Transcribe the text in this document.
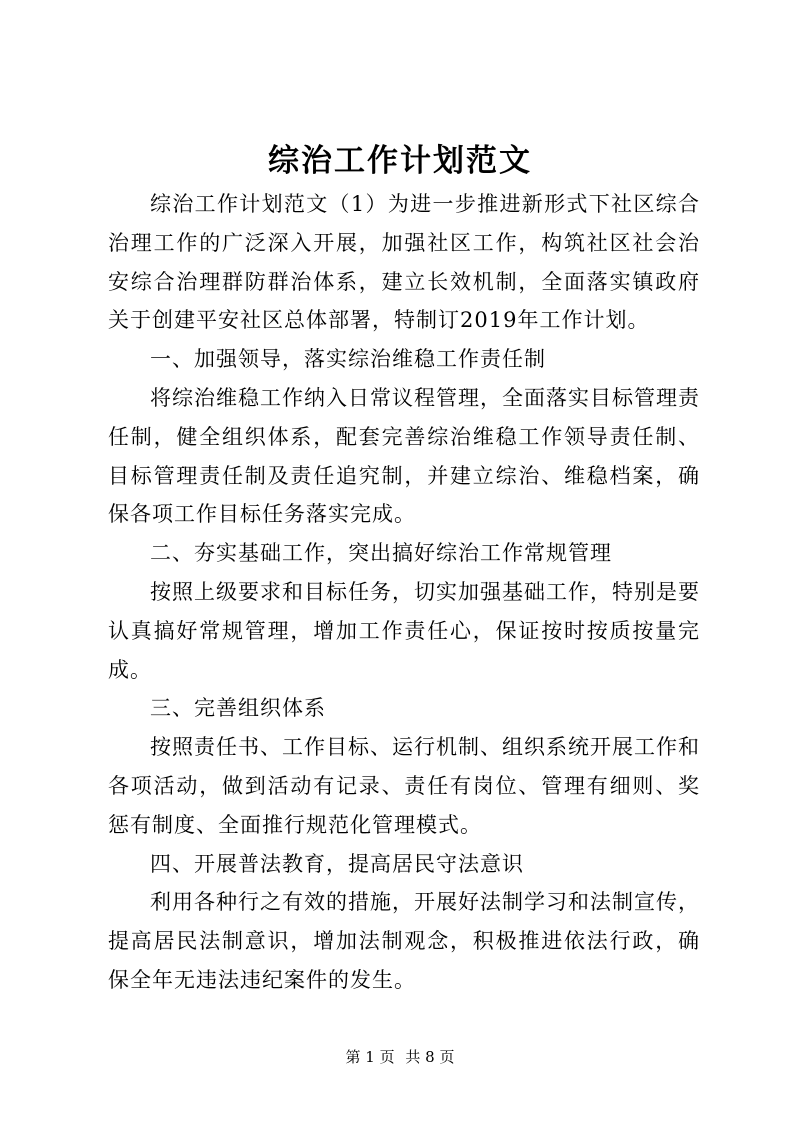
综治工作计划范文

综治工作计划范文（1）为进一步推进新形式下社区综合治理工作的广泛深入开展，加强社区工作，构筑社区社会治安综合治理群防群治体系，建立长效机制，全面落实镇政府关于创建平安社区总体部署，特制订2019年工作计划。

一、加强领导，落实综治维稳工作责任制

将综治维稳工作纳入日常议程管理，全面落实目标管理责任制，健全组织体系，配套完善综治维稳工作领导责任制、目标管理责任制及责任追究制，并建立综治、维稳档案，确保各项工作目标任务落实完成。

二、夯实基础工作，突出搞好综治工作常规管理

按照上级要求和目标任务，切实加强基础工作，特别是要认真搞好常规管理，增加工作责任心，保证按时按质按量完成。

三、完善组织体系

按照责任书、工作目标、运行机制、组织系统开展工作和各项活动，做到活动有记录、责任有岗位、管理有细则、奖惩有制度、全面推行规范化管理模式。

四、开展普法教育，提高居民守法意识

利用各种行之有效的措施，开展好法制学习和法制宣传，提高居民法制意识，增加法制观念，积极推进依法行政，确保全年无违法违纪案件的发生。

第 1 页 共 8 页
